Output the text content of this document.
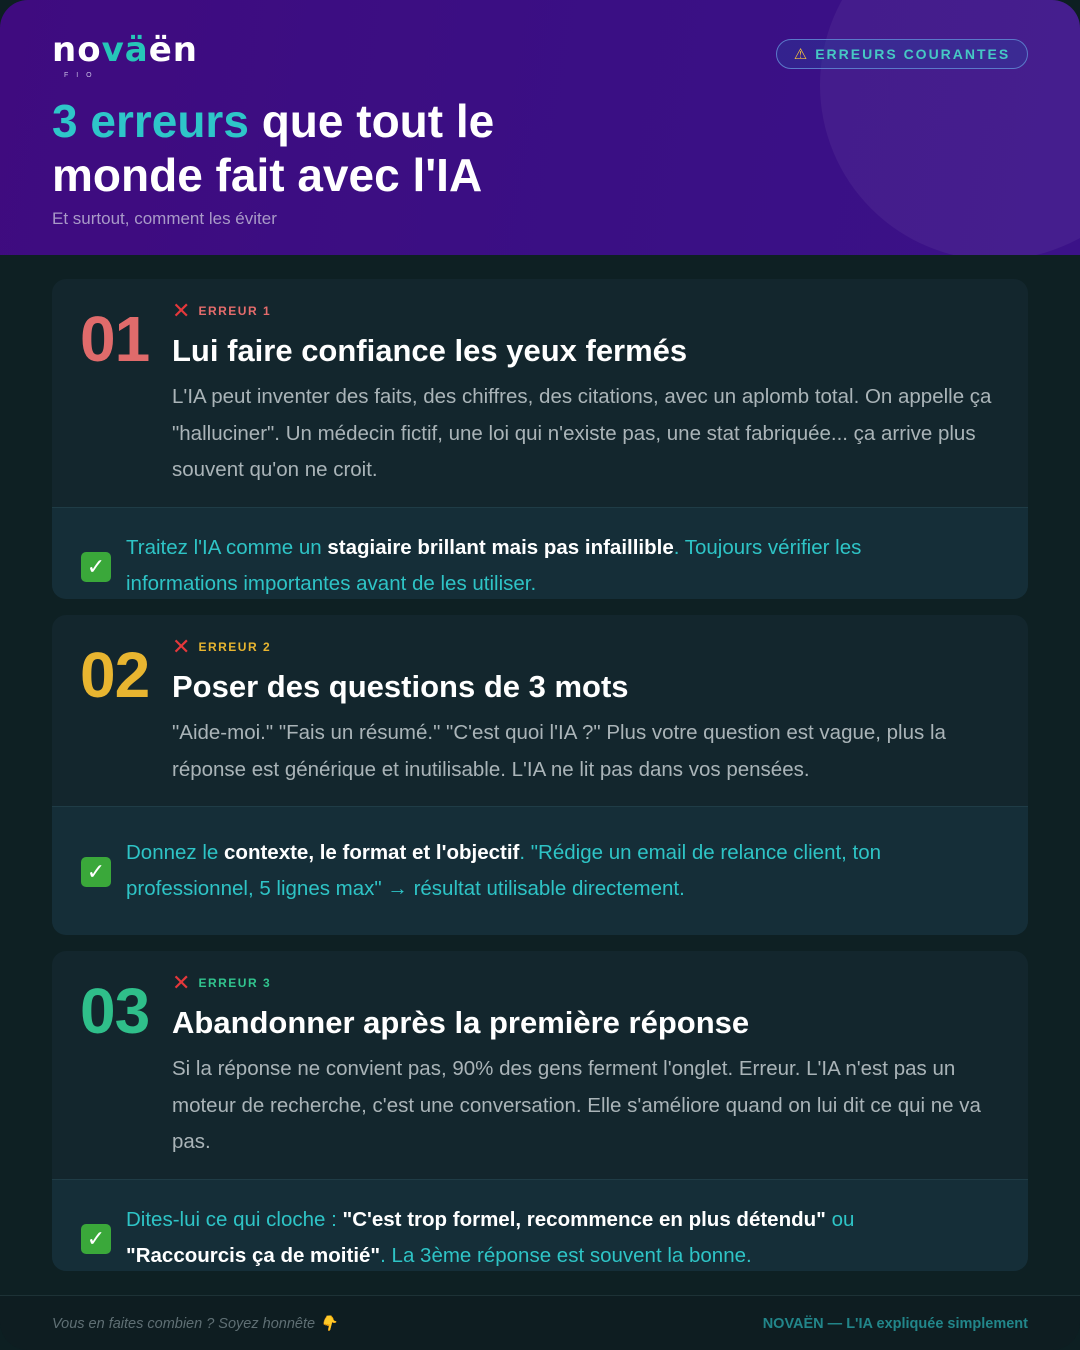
noväën
F I O
⚠ ERREURS COURANTES
3 erreurs que tout le monde fait avec l'IA
Et surtout, comment les éviter
01 ✕ ERREUR 1
Lui faire confiance les yeux fermés
L'IA peut inventer des faits, des chiffres, des citations, avec un aplomb total. On appelle ça "halluciner". Un médecin fictif, une loi qui n'existe pas, une stat fabriquée... ça arrive plus souvent qu'on ne croit.
✓
Traitez l'IA comme un stagiaire brillant mais pas infaillible. Toujours vérifier les informations importantes avant de les utiliser.
02 ✕ ERREUR 2
Poser des questions de 3 mots
"Aide-moi." "Fais un résumé." "C'est quoi l'IA ?" Plus votre question est vague, plus la réponse est générique et inutilisable. L'IA ne lit pas dans vos pensées.
✓
Donnez le contexte, le format et l'objectif. "Rédige un email de relance client, ton professionnel, 5 lignes max" → résultat utilisable directement.
03 ✕ ERREUR 3
Abandonner après la première réponse
Si la réponse ne convient pas, 90% des gens ferment l'onglet. Erreur. L'IA n'est pas un moteur de recherche, c'est une conversation. Elle s'améliore quand on lui dit ce qui ne va pas.
✓
Dites-lui ce qui cloche : "C'est trop formel, recommence en plus détendu" ou "Raccourcis ça de moitié". La 3ème réponse est souvent la bonne.
Vous en faites combien ? Soyez honnête 👇	NOVAËN — L'IA expliquée simplement
